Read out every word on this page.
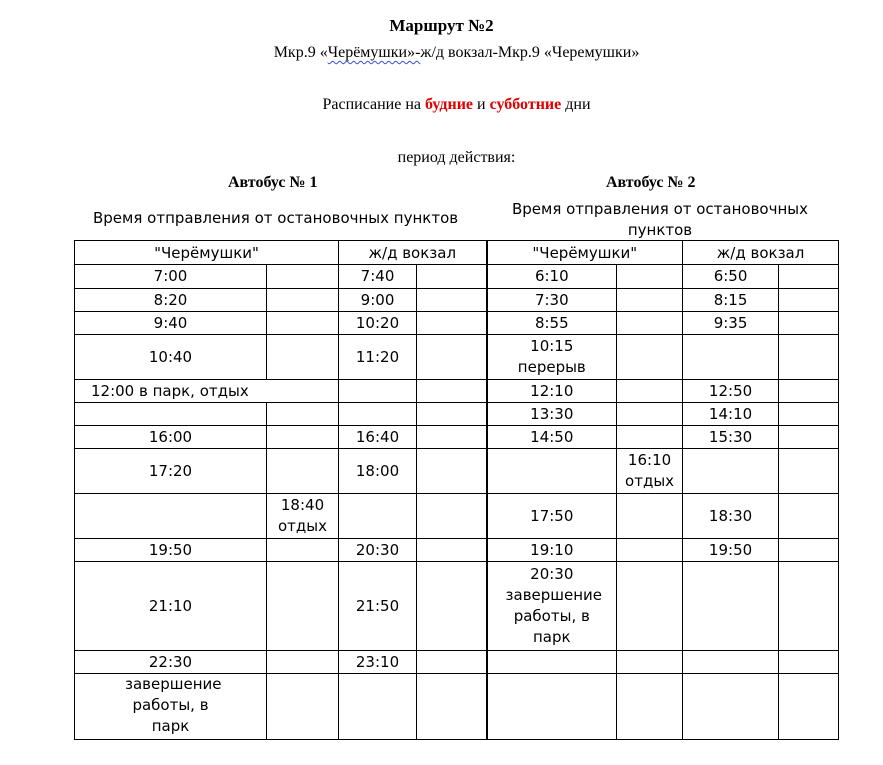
Маршрут №2
Мкр.9 «Черёмушки»-ж/д вокзал-Мкр.9 «Черемушки»
Расписание на будние и субботние дни
период действия:
Автобус № 1	Автобус № 2
Время отправления от остановочных пунктов	Время отправления от остановочных пунктов
"Черёмушки"		ж/д вокзал		"Черёмушки"		ж/д вокзал	
7:00		7:40		6:10		6:50	
8:20		9:00		7:30		8:15	
9:40		10:20		8:55		9:35	
10:40		11:20		10:15 перерыв			
12:00 в парк, отдых				12:10		12:50	
				13:30		14:10	
16:00		16:40		14:50		15:30	
17:20		18:00			16:10 отдых		
	18:40 отдых			17:50		18:30	
19:50		20:30		19:10		19:50	
21:10		21:50		20:30 завершение работы, в парк			
22:30		23:10					
завершение работы, в парк							
